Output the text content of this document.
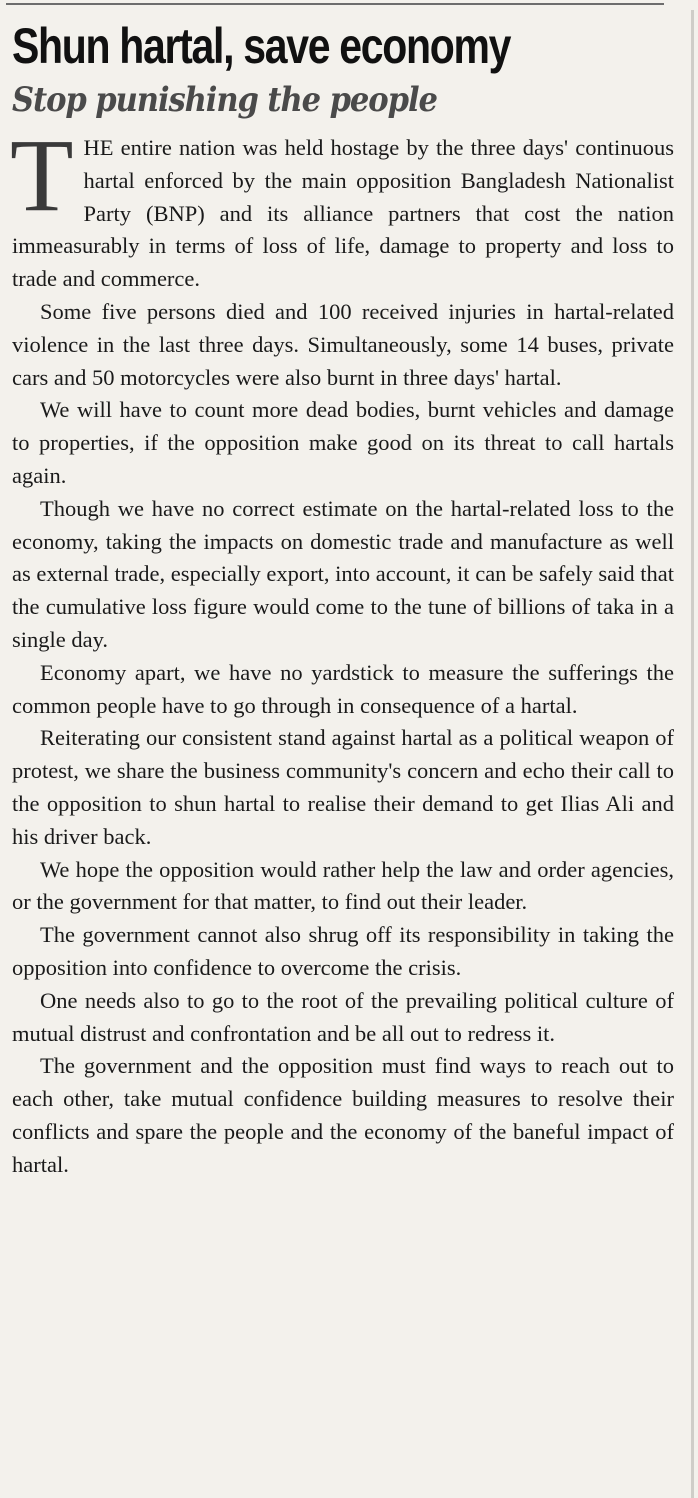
Shun hartal, save economy
Stop punishing the people

THE entire nation was held hostage by the three days' continuous hartal enforced by the main opposition Bangladesh Nationalist Party (BNP) and its alliance partners that cost the nation immeasurably in terms of loss of life, damage to property and loss to trade and commerce.

Some five persons died and 100 received injuries in hartal-related violence in the last three days. Simultaneously, some 14 buses, private cars and 50 motorcycles were also burnt in three days' hartal.

We will have to count more dead bodies, burnt vehicles and damage to properties, if the opposition make good on its threat to call hartals again.

Though we have no correct estimate on the hartal-related loss to the economy, taking the impacts on domestic trade and manufacture as well as external trade, especially export, into account, it can be safely said that the cumulative loss figure would come to the tune of billions of taka in a single day.

Economy apart, we have no yardstick to measure the sufferings the common people have to go through in consequence of a hartal.

Reiterating our consistent stand against hartal as a political weapon of protest, we share the business community's concern and echo their call to the opposition to shun hartal to realise their demand to get Ilias Ali and his driver back.

We hope the opposition would rather help the law and order agencies, or the government for that matter, to find out their leader.

The government cannot also shrug off its responsibility in taking the opposition into confidence to overcome the crisis.

One needs also to go to the root of the prevailing political culture of mutual distrust and confrontation and be all out to redress it.

The government and the opposition must find ways to reach out to each other, take mutual confidence building measures to resolve their conflicts and spare the people and the economy of the baneful impact of hartal.
